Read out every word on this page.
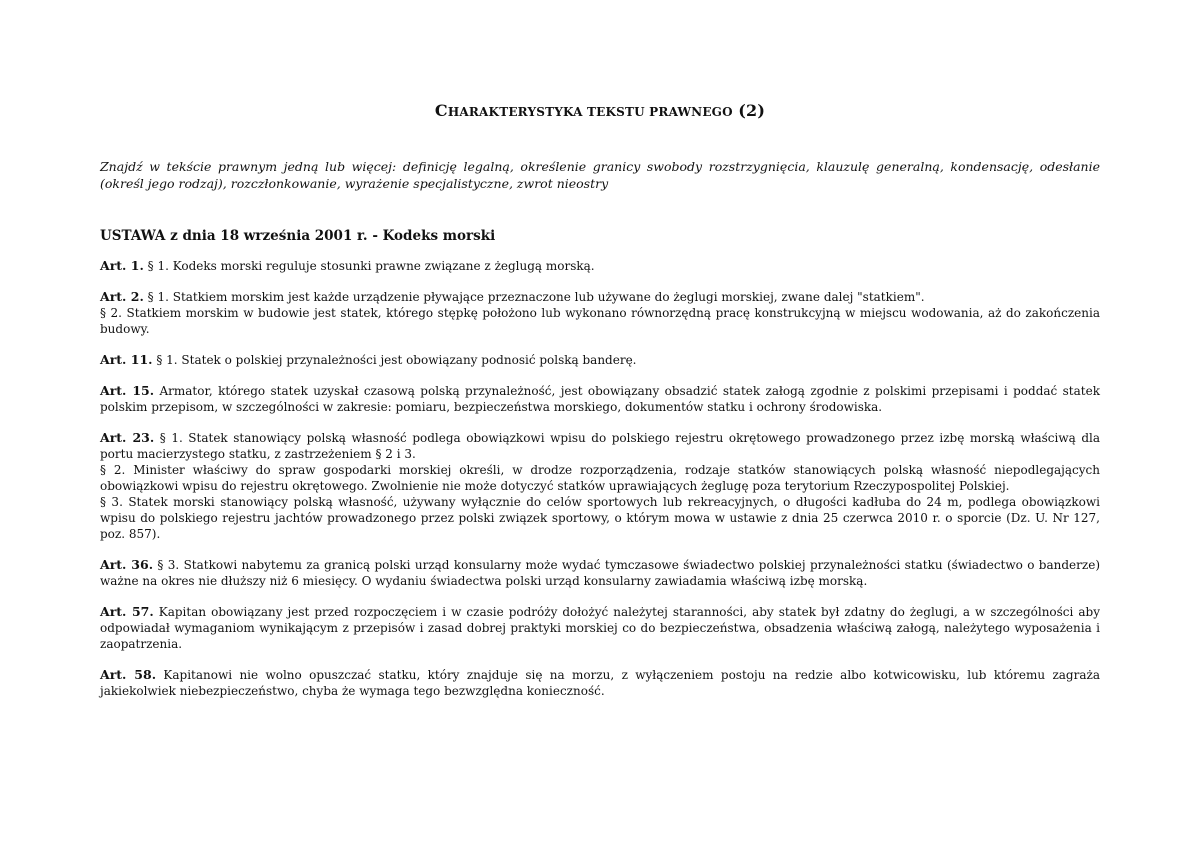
CHARAKTERYSTYKA TEKSTU PRAWNEGO (2)
Znajdź w tekście prawnym jedną lub więcej: definicję legalną, określenie granicy swobody rozstrzygnięcia, klauzulę generalną, kondensację, odesłanie (określ jego rodzaj), rozczłonkowanie, wyrażenie specjalistyczne, zwrot nieostry
USTAWA z dnia 18 września 2001 r. - Kodeks morski
Art. 1. § 1. Kodeks morski reguluje stosunki prawne związane z żeglugą morską.
Art. 2. § 1. Statkiem morskim jest każde urządzenie pływające przeznaczone lub używane do żeglugi morskiej, zwane dalej "statkiem".
§ 2. Statkiem morskim w budowie jest statek, którego stępkę położono lub wykonano równorzędną pracę konstrukcyjną w miejscu wodowania, aż do zakończenia budowy.
Art. 11. § 1. Statek o polskiej przynależności jest obowiązany podnosić polską banderę.
Art. 15. Armator, którego statek uzyskał czasową polską przynależność, jest obowiązany obsadzić statek załogą zgodnie z polskimi przepisami i poddać statek polskim przepisom, w szczególności w zakresie: pomiaru, bezpieczeństwa morskiego, dokumentów statku i ochrony środowiska.
Art. 23. § 1. Statek stanowiący polską własność podlega obowiązkowi wpisu do polskiego rejestru okrętowego prowadzonego przez izbę morską właściwą dla portu macierzystego statku, z zastrzeżeniem § 2 i 3.
§ 2. Minister właściwy do spraw gospodarki morskiej określi, w drodze rozporządzenia, rodzaje statków stanowiących polską własność niepodlegających obowiązkowi wpisu do rejestru okrętowego. Zwolnienie nie może dotyczyć statków uprawiających żeglugę poza terytorium Rzeczypospolitej Polskiej.
§ 3. Statek morski stanowiący polską własność, używany wyłącznie do celów sportowych lub rekreacyjnych, o długości kadłuba do 24 m, podlega obowiązkowi wpisu do polskiego rejestru jachtów prowadzonego przez polski związek sportowy, o którym mowa w ustawie z dnia 25 czerwca 2010 r. o sporcie (Dz. U. Nr 127, poz. 857).
Art. 36. § 3. Statkowi nabytemu za granicą polski urząd konsularny może wydać tymczasowe świadectwo polskiej przynależności statku (świadectwo o banderze) ważne na okres nie dłuższy niż 6 miesięcy. O wydaniu świadectwa polski urząd konsularny zawiadamia właściwą izbę morską.
Art. 57. Kapitan obowiązany jest przed rozpoczęciem i w czasie podróży dołożyć należytej staranności, aby statek był zdatny do żeglugi, a w szczególności aby odpowiadał wymaganiom wynikającym z przepisów i zasad dobrej praktyki morskiej co do bezpieczeństwa, obsadzenia właściwą załogą, należytego wyposażenia i zaopatrzenia.
Art. 58. Kapitanowi nie wolno opuszczać statku, który znajduje się na morzu, z wyłączeniem postoju na redzie albo kotwicowisku, lub któremu zagraża jakiekolwiek niebezpieczeństwo, chyba że wymaga tego bezwzględna konieczność.
